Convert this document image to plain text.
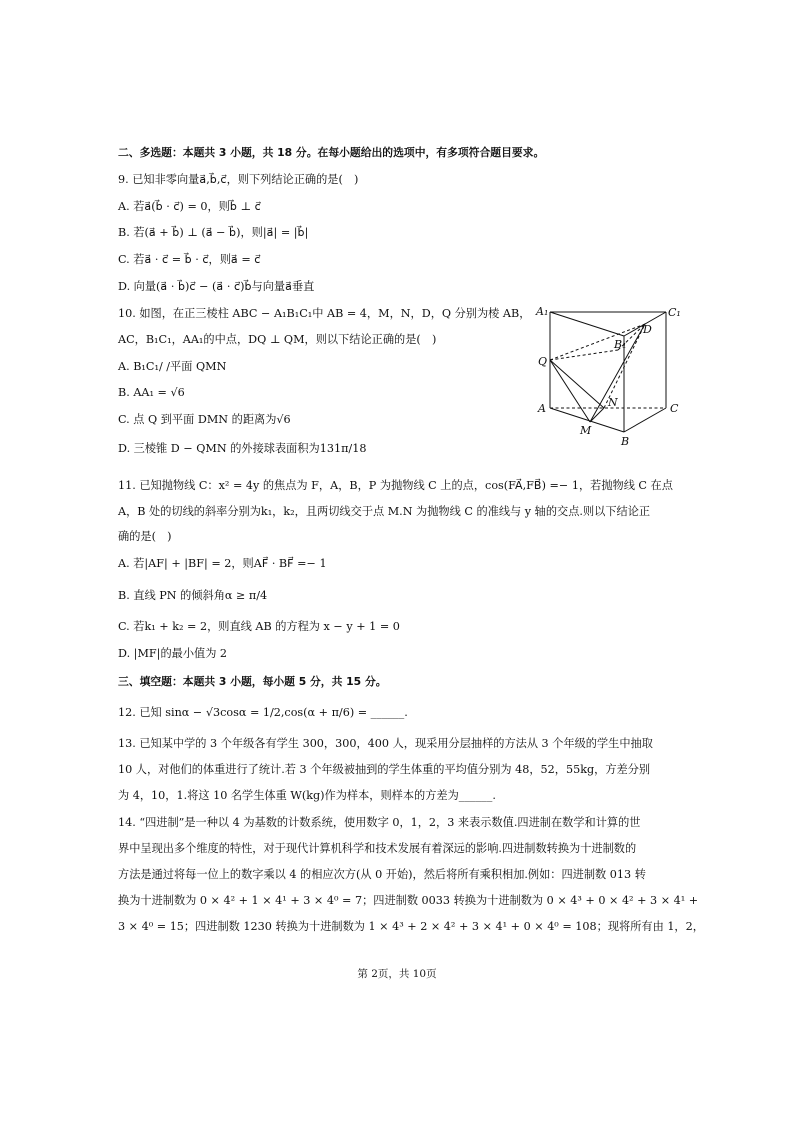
二、多选题：本题共 3 小题，共 18 分。在每小题给出的选项中，有多项符合题目要求。
9. 已知非零向量a⃗,b⃗,c⃗，则下列结论正确的是(　)
A. 若a⃗(b⃗ · c⃗) = 0，则b⃗ ⊥ c⃗
B. 若(a⃗ + b⃗) ⊥ (a⃗ − b⃗)，则|a⃗| = |b⃗|
C. 若a⃗ · c⃗ = b⃗ · c⃗，则a⃗ = c⃗
D. 向量(a⃗ · b⃗)c⃗ − (a⃗ · c⃗)b⃗与向量a⃗垂直
10. 如图，在正三棱柱 ABC − A₁B₁C₁中 AB = 4，M，N，D，Q 分别为棱 AB，
AC，B₁C₁，AA₁的中点，DQ ⊥ QM，则以下结论正确的是(　)
A. B₁C₁/ /平面 QMN
B. AA₁ = √6
C. 点 Q 到平面 DMN 的距离为√6
D. 三棱锥 D − QMN 的外接球表面积为131π/18
A₁	C₁
B₁
D
Q
N
A	C
M
B
11. 已知抛物线 C：x² = 4y 的焦点为 F，A，B，P 为抛物线 C 上的点，cos(FA⃗,FB⃗) =− 1，若抛物线 C 在点
A，B 处的切线的斜率分别为k₁，k₂，且两切线交于点 M.N 为抛物线 C 的准线与 y 轴的交点.则以下结论正
确的是(　)
A. 若|AF| + |BF| = 2，则AF⃗ · BF⃗ =− 1
B. 直线 PN 的倾斜角α ≥ π/4
C. 若k₁ + k₂ = 2，则直线 AB 的方程为 x − y + 1 = 0
D. |MF|的最小值为 2
三、填空题：本题共 3 小题，每小题 5 分，共 15 分。
12. 已知 sinα − √3cosα = 1/2,cos(α + π/6) = ______.
13. 已知某中学的 3 个年级各有学生 300，300，400 人，现采用分层抽样的方法从 3 个年级的学生中抽取
10 人，对他们的体重进行了统计.若 3 个年级被抽到的学生体重的平均值分别为 48，52，55kg，方差分别
为 4，10，1.将这 10 名学生体重 W(kg)作为样本，则样本的方差为______.
14. “四进制”是一种以 4 为基数的计数系统，使用数字 0，1，2，3 来表示数值.四进制在数学和计算的世
界中呈现出多个维度的特性，对于现代计算机科学和技术发展有着深远的影响.四进制数转换为十进制数的
方法是通过将每一位上的数字乘以 4 的相应次方(从 0 开始)，然后将所有乘积相加.例如：四进制数 013 转
换为十进制数为 0 × 4² + 1 × 4¹ + 3 × 4⁰ = 7；四进制数 0033 转换为十进制数为 0 × 4³ + 0 × 4² + 3 × 4¹ +
3 × 4⁰ = 15；四进制数 1230 转换为十进制数为 1 × 4³ + 2 × 4² + 3 × 4¹ + 0 × 4⁰ = 108；现将所有由 1，2，
第 2页，共 10页
